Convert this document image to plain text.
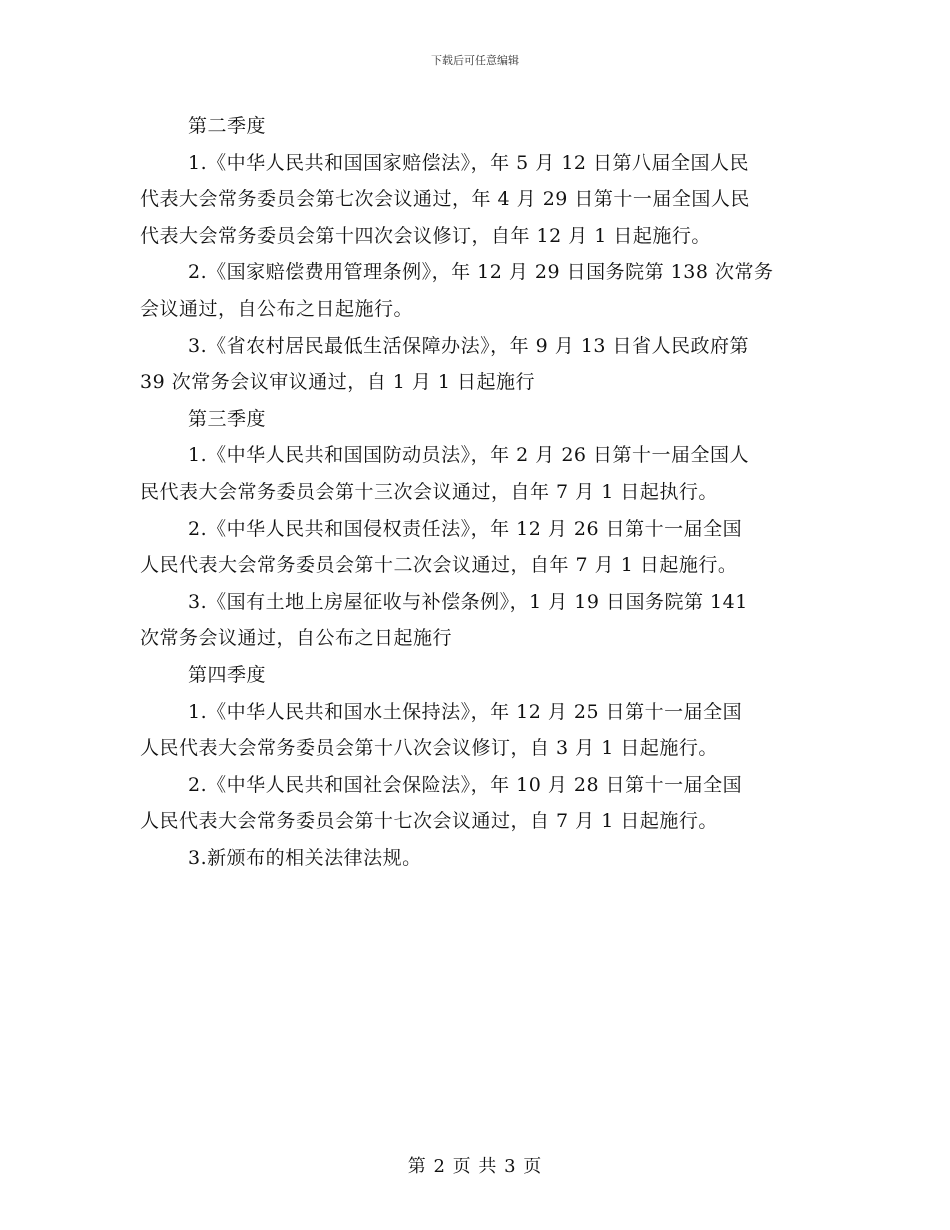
下载后可任意编辑
第二季度
1.《中华人民共和国国家赔偿法》，年 5 月 12 日第八届全国人民
代表大会常务委员会第七次会议通过，年 4 月 29 日第十一届全国人民
代表大会常务委员会第十四次会议修订，自年 12 月 1 日起施行。
2.《国家赔偿费用管理条例》，年 12 月 29 日国务院第 138 次常务
会议通过，自公布之日起施行。
3.《省农村居民最低生活保障办法》，年 9 月 13 日省人民政府第
39 次常务会议审议通过，自 1 月 1 日起施行
第三季度
1.《中华人民共和国国防动员法》，年 2 月 26 日第十一届全国人
民代表大会常务委员会第十三次会议通过，自年 7 月 1 日起执行。
2.《中华人民共和国侵权责任法》，年 12 月 26 日第十一届全国
人民代表大会常务委员会第十二次会议通过，自年 7 月 1 日起施行。
3.《国有土地上房屋征收与补偿条例》，1 月 19 日国务院第 141
次常务会议通过，自公布之日起施行
第四季度
1.《中华人民共和国水土保持法》，年 12 月 25 日第十一届全国
人民代表大会常务委员会第十八次会议修订，自 3 月 1 日起施行。
2.《中华人民共和国社会保险法》，年 10 月 28 日第十一届全国
人民代表大会常务委员会第十七次会议通过，自 7 月 1 日起施行。
3.新颁布的相关法律法规。
第 2 页 共 3 页
